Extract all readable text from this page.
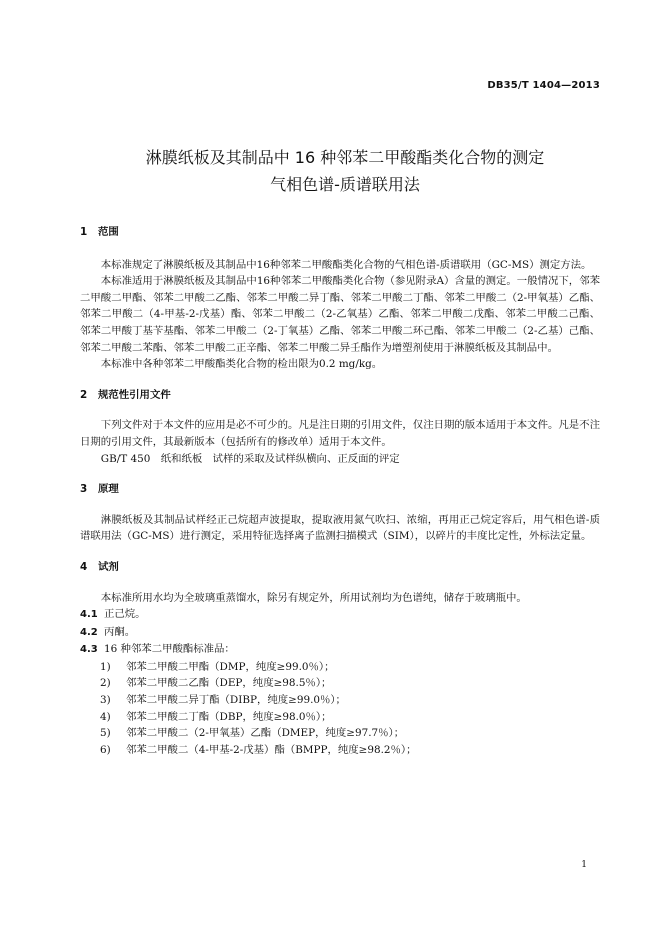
DB35/T 1404—2013
淋膜纸板及其制品中 16 种邻苯二甲酸酯类化合物的测定
气相色谱-质谱联用法
1 范围

本标准规定了淋膜纸板及其制品中16种邻苯二甲酸酯类化合物的气相色谱-质谱联用（GC-MS）测定方法。

本标准适用于淋膜纸板及其制品中16种邻苯二甲酸酯类化合物（参见附录A）含量的测定。一般情况下，邻苯二甲酸二甲酯、邻苯二甲酸二乙酯、邻苯二甲酸二异丁酯、邻苯二甲酸二丁酯、邻苯二甲酸二（2-甲氧基）乙酯、邻苯二甲酸二（4-甲基-2-戊基）酯、邻苯二甲酸二（2-乙氧基）乙酯、邻苯二甲酸二戊酯、邻苯二甲酸二己酯、邻苯二甲酸丁基苄基酯、邻苯二甲酸二（2-丁氧基）乙酯、邻苯二甲酸二环己酯、邻苯二甲酸二（2-乙基）己酯、邻苯二甲酸二苯酯、邻苯二甲酸二正辛酯、邻苯二甲酸二异壬酯作为增塑剂使用于淋膜纸板及其制品中。

本标准中各种邻苯二甲酸酯类化合物的检出限为0.2 mg/kg。

2 规范性引用文件

下列文件对于本文件的应用是必不可少的。凡是注日期的引用文件，仅注日期的版本适用于本文件。凡是不注日期的引用文件，其最新版本（包括所有的修改单）适用于本文件。

GB/T 450　纸和纸板　试样的采取及试样纵横向、正反面的评定

3 原理

淋膜纸板及其制品试样经正己烷超声波提取，提取液用氮气吹扫、浓缩，再用正己烷定容后，用气相色谱-质谱联用法（GC-MS）进行测定，采用特征选择离子监测扫描模式（SIM），以碎片的丰度比定性，外标法定量。

4 试剂

本标准所用水均为全玻璃重蒸馏水，除另有规定外，所用试剂均为色谱纯，储存于玻璃瓶中。

4.1 正己烷。

4.2 丙酮。

4.3 16 种邻苯二甲酸酯标准品：

1) 邻苯二甲酸二甲酯（DMP，纯度≥99.0％）；

2) 邻苯二甲酸二乙酯（DEP，纯度≥98.5％）；

3) 邻苯二甲酸二异丁酯（DIBP，纯度≥99.0％）；

4) 邻苯二甲酸二丁酯（DBP，纯度≥98.0％）；

5) 邻苯二甲酸二（2-甲氧基）乙酯（DMEP，纯度≥97.7％）；

6) 邻苯二甲酸二（4-甲基-2-戊基）酯（BMPP，纯度≥98.2％）；

1
